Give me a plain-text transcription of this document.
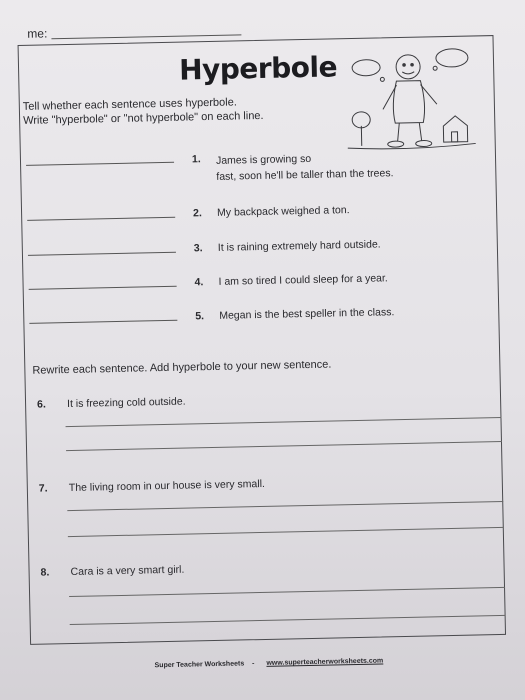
me:
Hyperbole
Tell whether each sentence uses hyperbole.
Write "hyperbole" or "not hyperbole" on each line.
1. James is growing so
fast, soon he'll be taller than the trees.
2. My backpack weighed a ton.
3. It is raining extremely hard outside.
4. I am so tired I could sleep for a year.
5. Megan is the best speller in the class.
Rewrite each sentence. Add hyperbole to your new sentence.
6. It is freezing cold outside.
7. The living room in our house is very small.
8. Cara is a very smart girl.
Super Teacher Worksheets - www.superteacherworksheets.com
